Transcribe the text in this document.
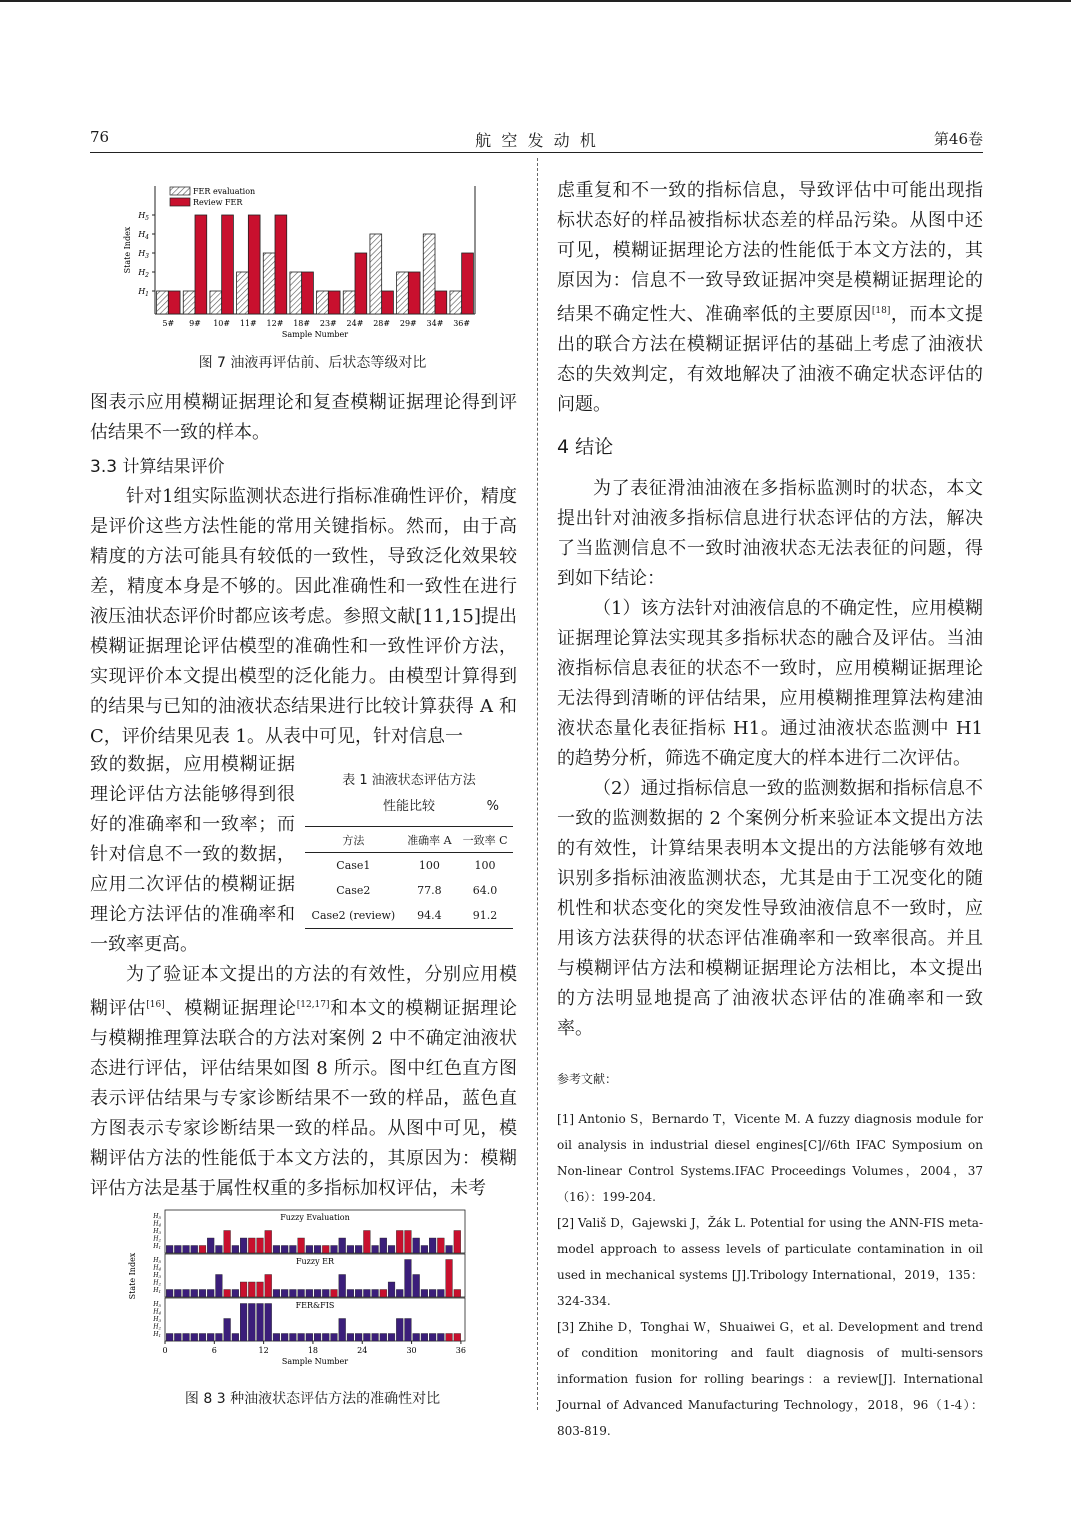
76	航  空  发  动  机	第46卷
$H_1$
$H_2$
$H_3$
$H_4$
$H_5$
State Index
5# 9# 10# 11# 12# 18# 23# 24# 28# 29# 34# 36#
Sample Number
FER evaluation
Review FER
图 7 油液再评估前、后状态等级对比

图表示应用模糊证据理论和复查模糊证据理论得到评估结果不一致的样本。

3.3 计算结果评价

针对1组实际监测状态进行指标准确性评价，精度是评价这些方法性能的常用关键指标。然而，由于高精度的方法可能具有较低的一致性，导致泛化效果较差，精度本身是不够的。因此准确性和一致性在进行液压油状态评价时都应该考虑。参照文献[11,15]提出模糊证据理论评估模型的准确性和一致性评价方法，实现评价本文提出模型的泛化能力。由模型计算得到的结果与已知的油液状态结果进行比较计算获得 A 和 C，评价结果见表 1。从表中可见，针对信息一

致的数据，应用模糊证据理论评估方法能够得到很好的准确率和一致率；而针对信息不一致的数据，应用二次评估的模糊证据理论方法评估的准确率和一致率更高。

为了验证本文提出的方法的有效性，分别应用模糊评估[16]、模糊证据理论[12,17]和本文的模糊证据理论与模糊推理算法联合的方法对案例 2 中不确定油液状态进行评估，评估结果如图 8 所示。图中红色直方图表示评估结果与专家诊断结果不一致的样品，蓝色直方图表示专家诊断结果一致的样品。从图中可见，模糊评估方法的性能低于本文方法的，其原因为：模糊评估方法是基于属性权重的多指标加权评估，未考

表 1 油液状态评估方法
性能比较	%
方法	准确率 A	一致率 C
Case1	100	100
Case2	77.8	64.0
Case2 (review)	94.4	91.2
Fuzzy Evaluation
H5
H4
H3
H2
H1
Fuzzy ER
H5
H4
H3
H2
H1
FER&FIS
H5
H4
H3
H2
H1
0	6	12	18	24	30	36
Sample Number
State Index
图 8 3 种油液状态评估方法的准确性对比

虑重复和不一致的指标信息，导致评估中可能出现指标状态好的样品被指标状态差的样品污染。从图中还可见，模糊证据理论方法的性能低于本文方法的，其原因为：信息不一致导致证据冲突是模糊证据理论的结果不确定性大、准确率低的主要原因[18]，而本文提出的联合方法在模糊证据评估的基础上考虑了油液状态的失效判定，有效地解决了油液不确定状态评估的问题。

4 结论

为了表征滑油油液在多指标监测时的状态，本文提出针对油液多指标信息进行状态评估的方法，解决了当监测信息不一致时油液状态无法表征的问题，得到如下结论：

（1）该方法针对油液信息的不确定性，应用模糊证据理论算法实现其多指标状态的融合及评估。当油液指标信息表征的状态不一致时，应用模糊证据理论无法得到清晰的评估结果，应用模糊推理算法构建油液状态量化表征指标 H1。通过油液状态监测中 H1 的趋势分析，筛选不确定度大的样本进行二次评估。

（2）通过指标信息一致的监测数据和指标信息不一致的监测数据的 2 个案例分析来验证本文提出方法的有效性，计算结果表明本文提出的方法能够有效地识别多指标油液监测状态，尤其是由于工况变化的随机性和状态变化的突发性导致油液信息不一致时，应用该方法获得的状态评估准确率和一致率很高。并且与模糊评估方法和模糊证据理论方法相比，本文提出的方法明显地提高了油液状态评估的准确率和一致率。

参考文献：

[1] Antonio S，Bernardo T，Vicente M. A fuzzy diagnosis module for oil analysis in industrial diesel engines[C]//6th IFAC Symposium on Non-linear Control Systems.IFAC Proceedings Volumes，2004，37（16）：199-204.

[2] Vališ D，Gajewski J，Žák L. Potential for using the ANN-FIS meta-model approach to assess levels of particulate contamination in oil used in mechanical systems [J].Tribology International，2019，135：324-334.

[3] Zhihe D，Tonghai W，Shuaiwei G，et al. Development and trend of condition monitoring and fault diagnosis of multi-sensors information fusion for rolling bearings：a review[J]. International Journal of Advanced Manufacturing Technology，2018，96（1-4）：803-819.
